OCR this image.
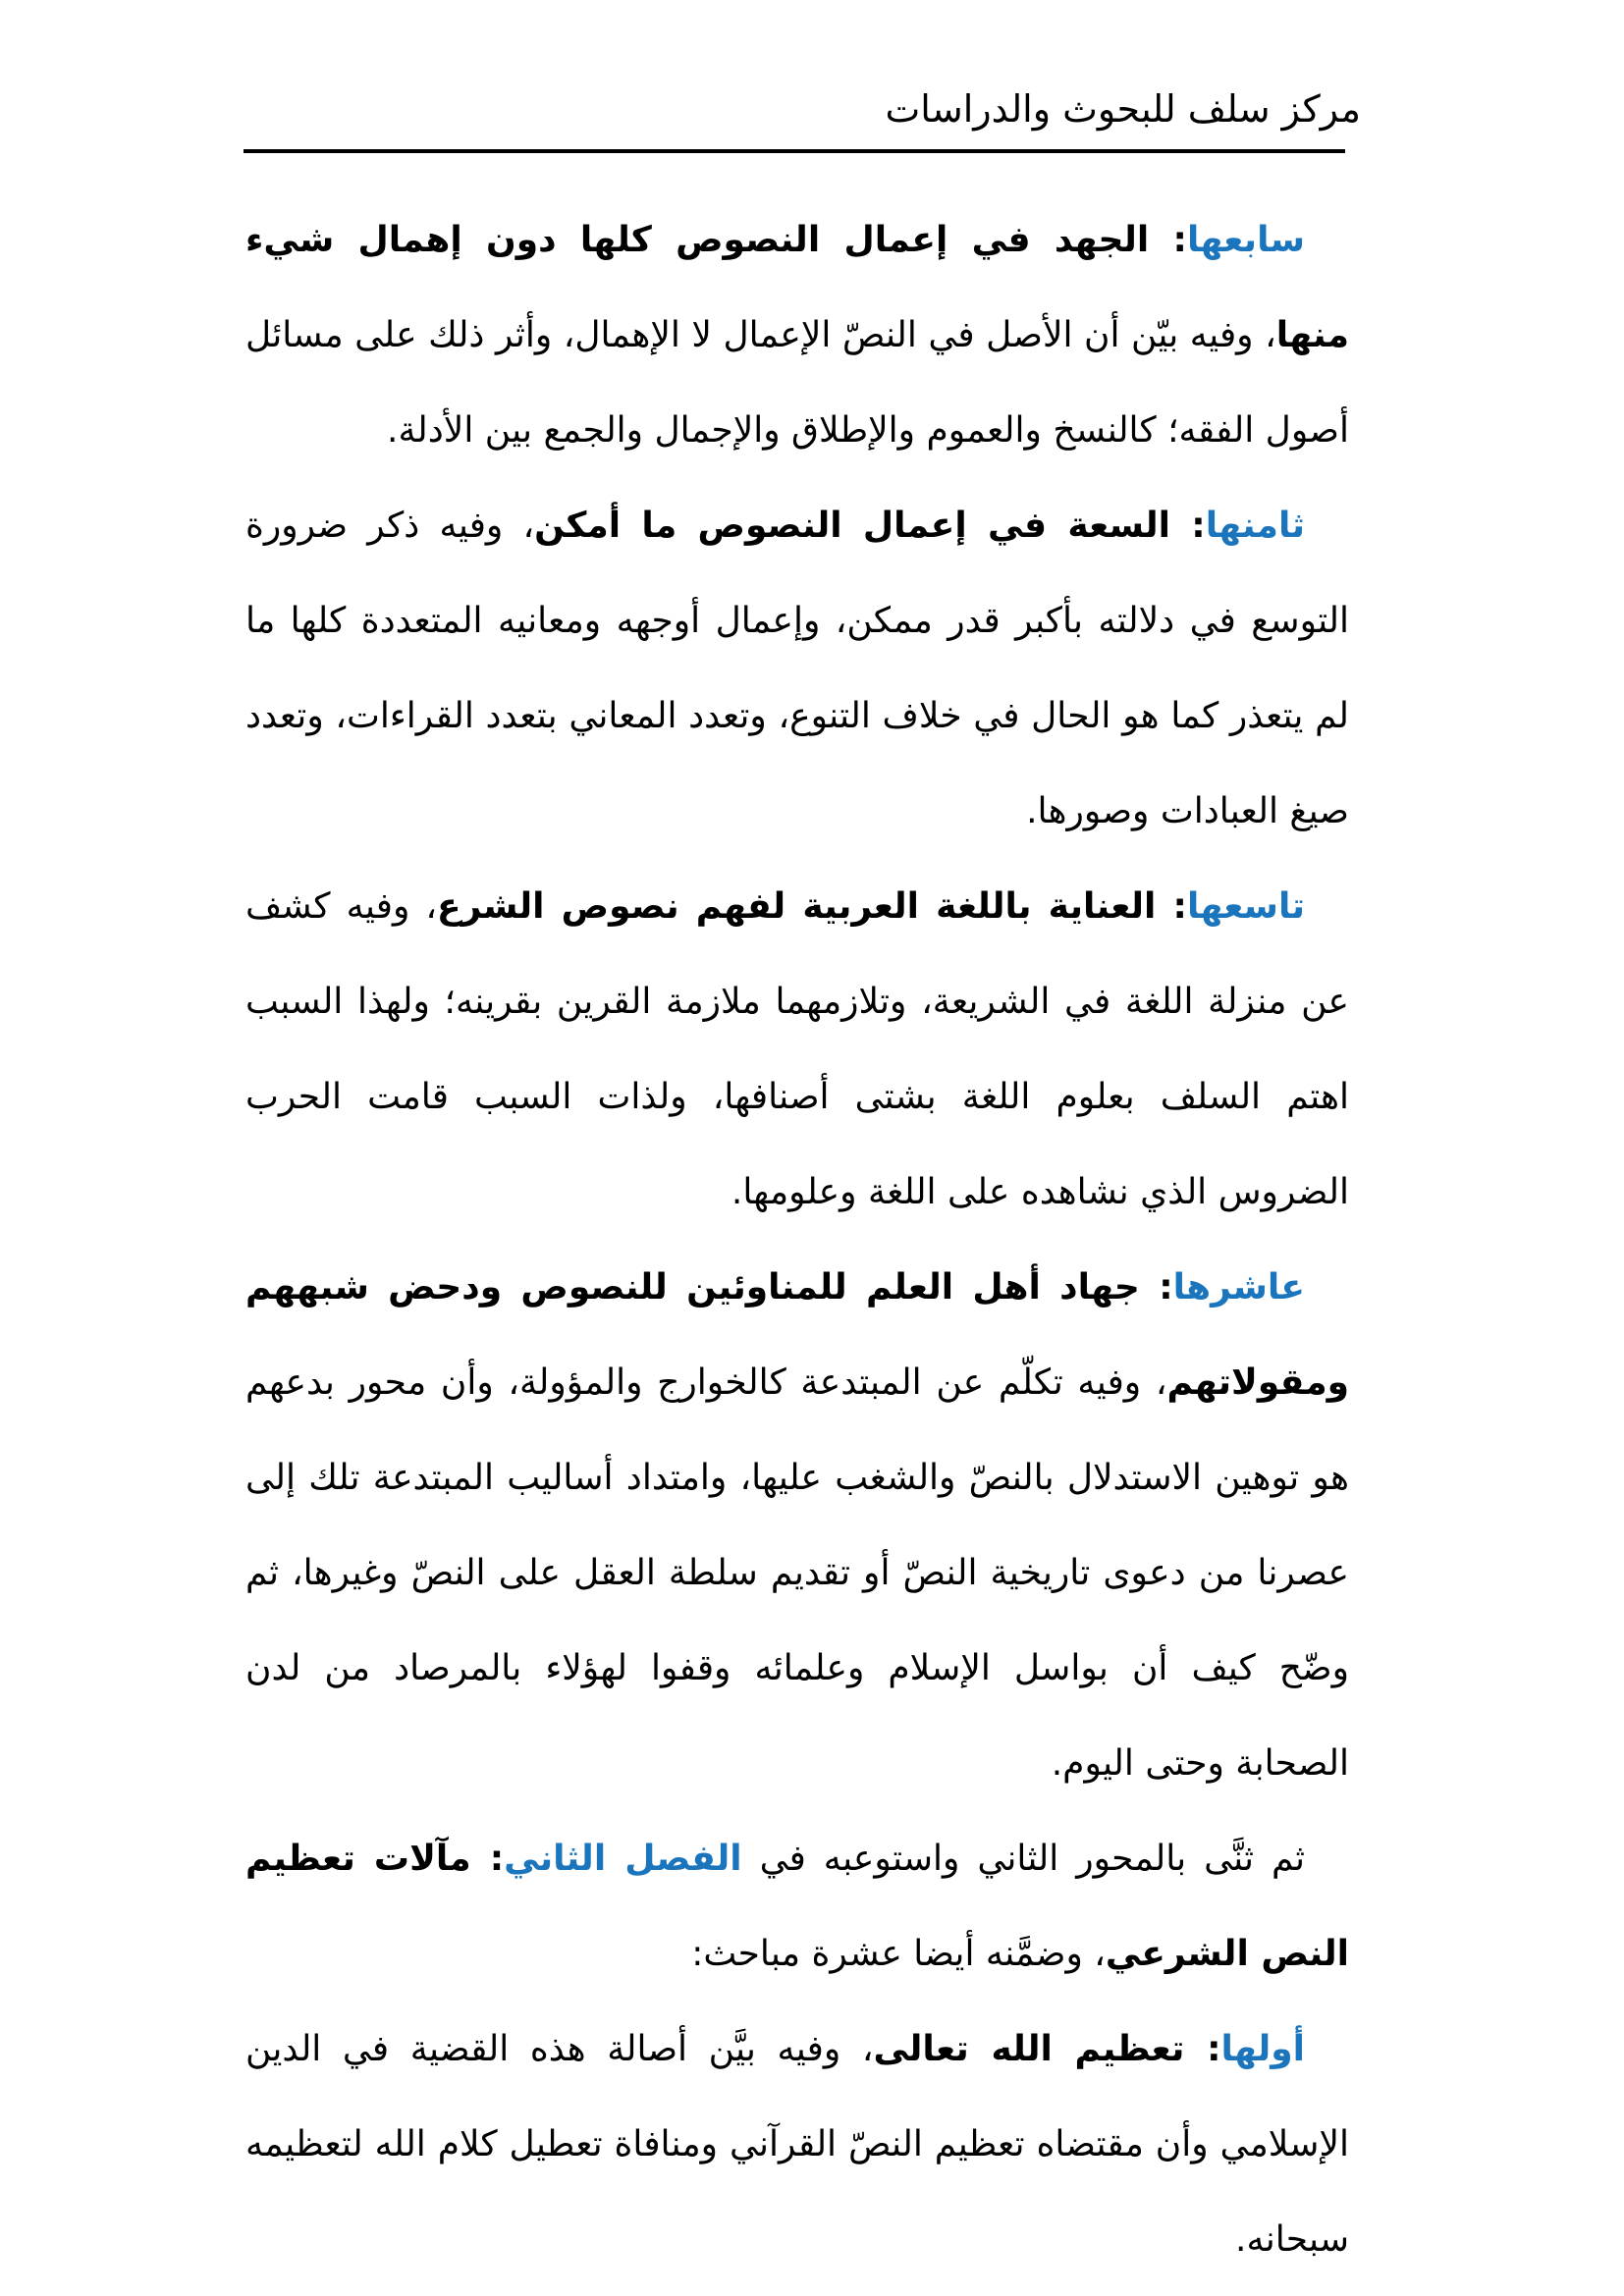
مركز سلف للبحوث والدراسات

سابعها: الجهد في إعمال النصوص كلها دون إهمال شيء منها، وفيه بيّن أن الأصل في النصّ الإعمال لا الإهمال، وأثر ذلك على مسائل أصول الفقه؛ كالنسخ والعموم والإطلاق والإجمال والجمع بين الأدلة.

ثامنها: السعة في إعمال النصوص ما أمكن، وفيه ذكر ضرورة التوسع في دلالته بأكبر قدر ممكن، وإعمال أوجهه ومعانيه المتعددة كلها ما لم يتعذر كما هو الحال في خلاف التنوع، وتعدد المعاني بتعدد القراءات، وتعدد صيغ العبادات وصورها.

تاسعها: العناية باللغة العربية لفهم نصوص الشرع، وفيه كشف عن منزلة اللغة في الشريعة، وتلازمهما ملازمة القرين بقرينه؛ ولهذا السبب اهتم السلف بعلوم اللغة بشتى أصنافها، ولذات السبب قامت الحرب الضروس الذي نشاهده على اللغة وعلومها.

عاشرها: جهاد أهل العلم للمناوئين للنصوص ودحض شبههم ومقولاتهم، وفيه تكلّم عن المبتدعة كالخوارج والمؤولة، وأن محور بدعهم هو توهين الاستدلال بالنصّ والشغب عليها، وامتداد أساليب المبتدعة تلك إلى عصرنا من دعوى تاريخية النصّ أو تقديم سلطة العقل على النصّ وغيرها، ثم وضّح كيف أن بواسل الإسلام وعلمائه وقفوا لهؤلاء بالمرصاد من لدن الصحابة وحتى اليوم.

ثم ثنَّى بالمحور الثاني واستوعبه في الفصل الثاني: مآلات تعظيم النص الشرعي، وضمَّنه أيضا عشرة مباحث:

أولها: تعظيم الله تعالى، وفيه بيَّن أصالة هذه القضية في الدين الإسلامي وأن مقتضاه تعظيم النصّ القرآني ومنافاة تعطيل كلام الله لتعظيمه سبحانه.
